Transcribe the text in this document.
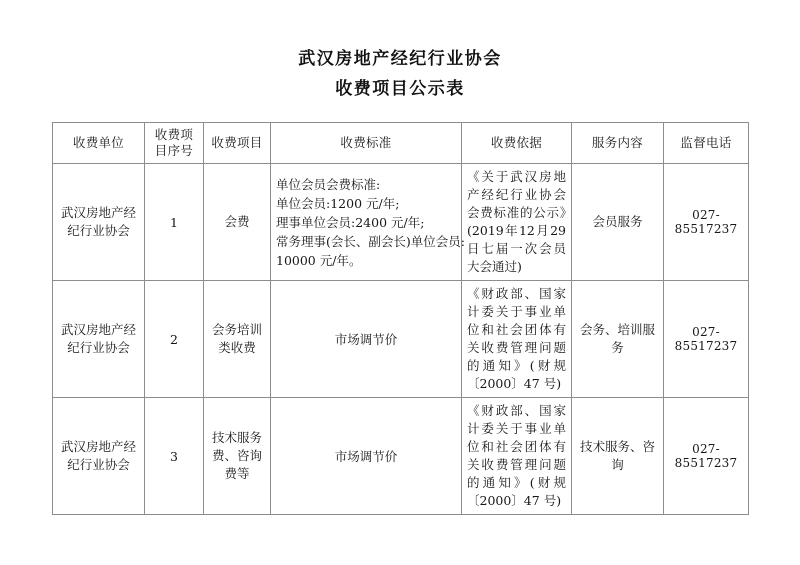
武汉房地产经纪行业协会
收费项目公示表
收费单位	收费项目序号	收费项目	收费标准	收费依据	服务内容	监督电话
武汉房地产经纪行业协会	1	会费	单位会员会费标准:
单位会员:1200 元/年;
理事单位会员:2400 元/年;
常务理事(会长、副会长)单位会员:
10000 元/年。	《关于武汉房地产经纪行业协会会费标准的公示》(2019年12月29日七届一次会员大会通过)	会员服务	027-85517237
武汉房地产经纪行业协会	2	会务培训类收费	市场调节价	《财政部、国家计委关于事业单位和社会团体有关收费管理问题的通知》(财规〔2000〕47 号)	会务、培训服务	027-85517237
武汉房地产经纪行业协会	3	技术服务费、咨询费等	市场调节价	《财政部、国家计委关于事业单位和社会团体有关收费管理问题的通知》(财规〔2000〕47 号)	技术服务、咨询	027-85517237
